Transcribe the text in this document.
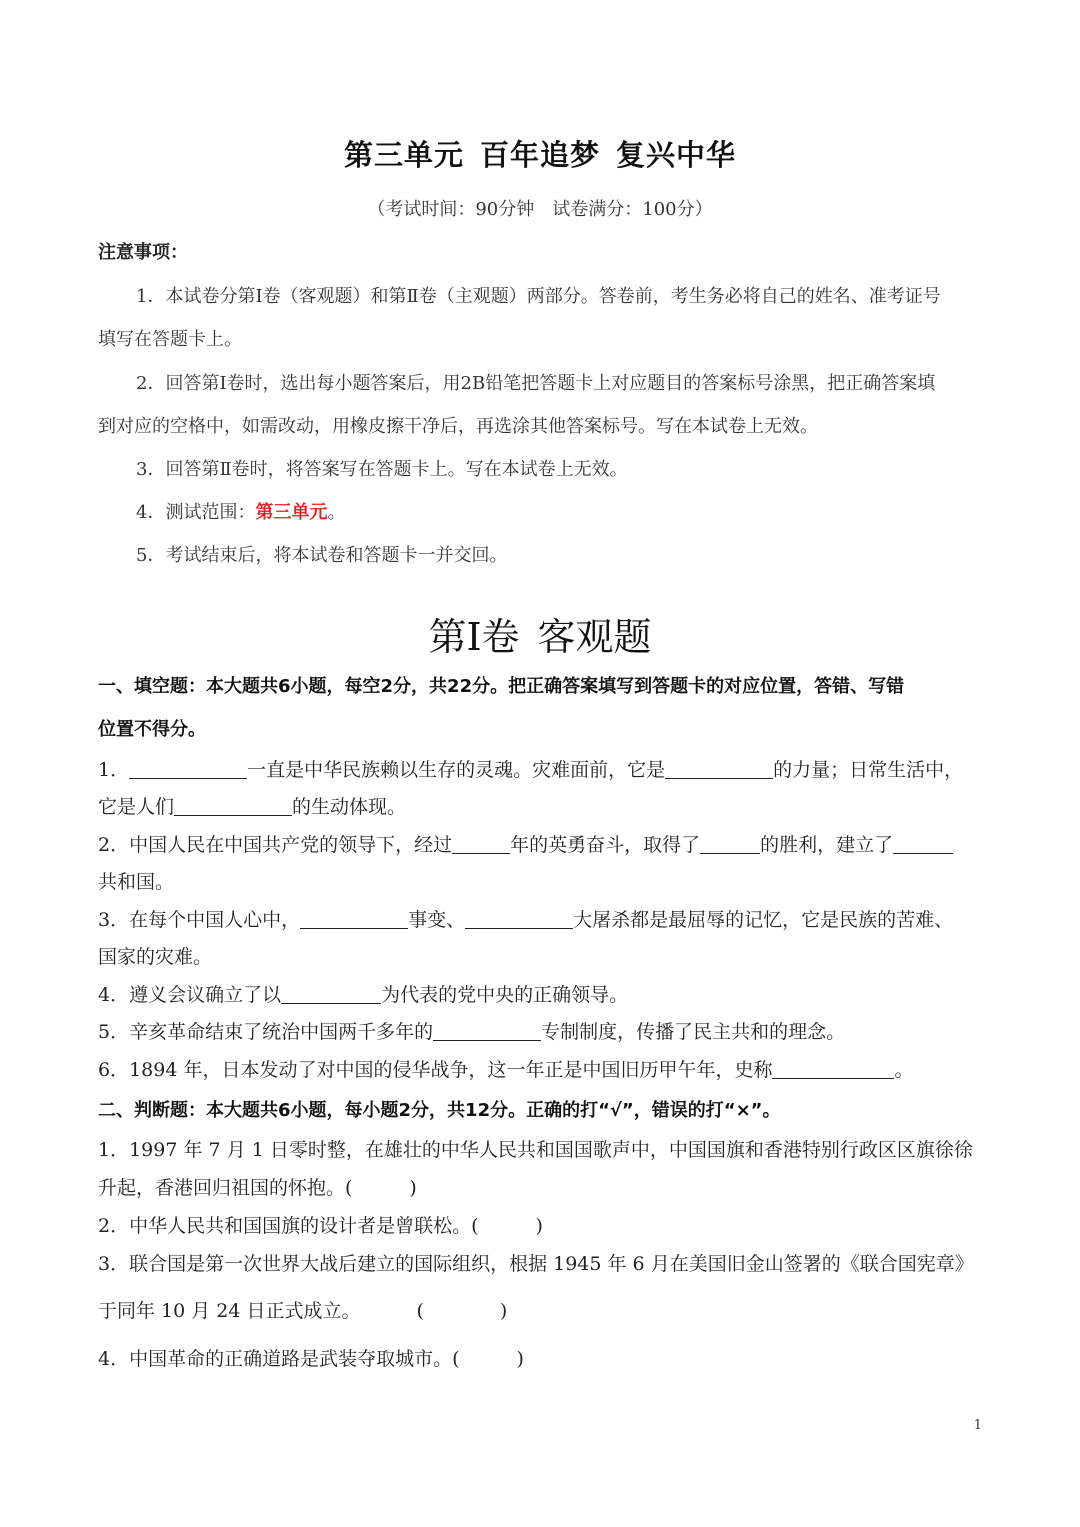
第三单元 百年追梦 复兴中华
（考试时间：90分钟　试卷满分：100分）
注意事项：
1．本试卷分第Ⅰ卷（客观题）和第Ⅱ卷（主观题）两部分。答卷前，考生务必将自己的姓名、准考证号
填写在答题卡上。
2．回答第Ⅰ卷时，选出每小题答案后，用2B铅笔把答题卡上对应题目的答案标号涂黑，把正确答案填
到对应的空格中，如需改动，用橡皮擦干净后，再选涂其他答案标号。写在本试卷上无效。
3．回答第Ⅱ卷时，将答案写在答题卡上。写在本试卷上无效。
4．测试范围：第三单元。
5．考试结束后，将本试卷和答题卡一并交回。
第Ⅰ卷 客观题
一、填空题：本大题共6小题，每空2分，共22分。把正确答案填写到答题卡的对应位置，答错、写错
位置不得分。
1．	一直是中华民族赖以生存的灵魂。灾难面前，它是	的力量；日常生活中，
它是人们	的生动体现。
2．中国人民在中国共产党的领导下，经过	年的英勇奋斗，取得了	的胜利，建立了
共和国。
3．在每个中国人心中，	事变、	大屠杀都是最屈辱的记忆，它是民族的苦难、
国家的灾难。
4．遵义会议确立了以	为代表的党中央的正确领导。
5．辛亥革命结束了统治中国两千多年的	专制制度，传播了民主共和的理念。
6．1894 年，日本发动了对中国的侵华战争，这一年正是中国旧历甲午年，史称	。
二、判断题：本大题共6小题，每小题2分，共12分。正确的打“√”，错误的打“×”。
1．1997 年 7 月 1 日零时整，在雄壮的中华人民共和国国歌声中，中国国旗和香港特别行政区区旗徐徐
升起，香港回归祖国的怀抱。(　　　)
2．中华人民共和国国旗的设计者是曾联松。(　　　)
3．联合国是第一次世界大战后建立的国际组织，根据 1945 年 6 月在美国旧金山签署的《联合国宪章》
于同年 10 月 24 日正式成立。	(　　　　)
4．中国革命的正确道路是武装夺取城市。(　　　)
1
